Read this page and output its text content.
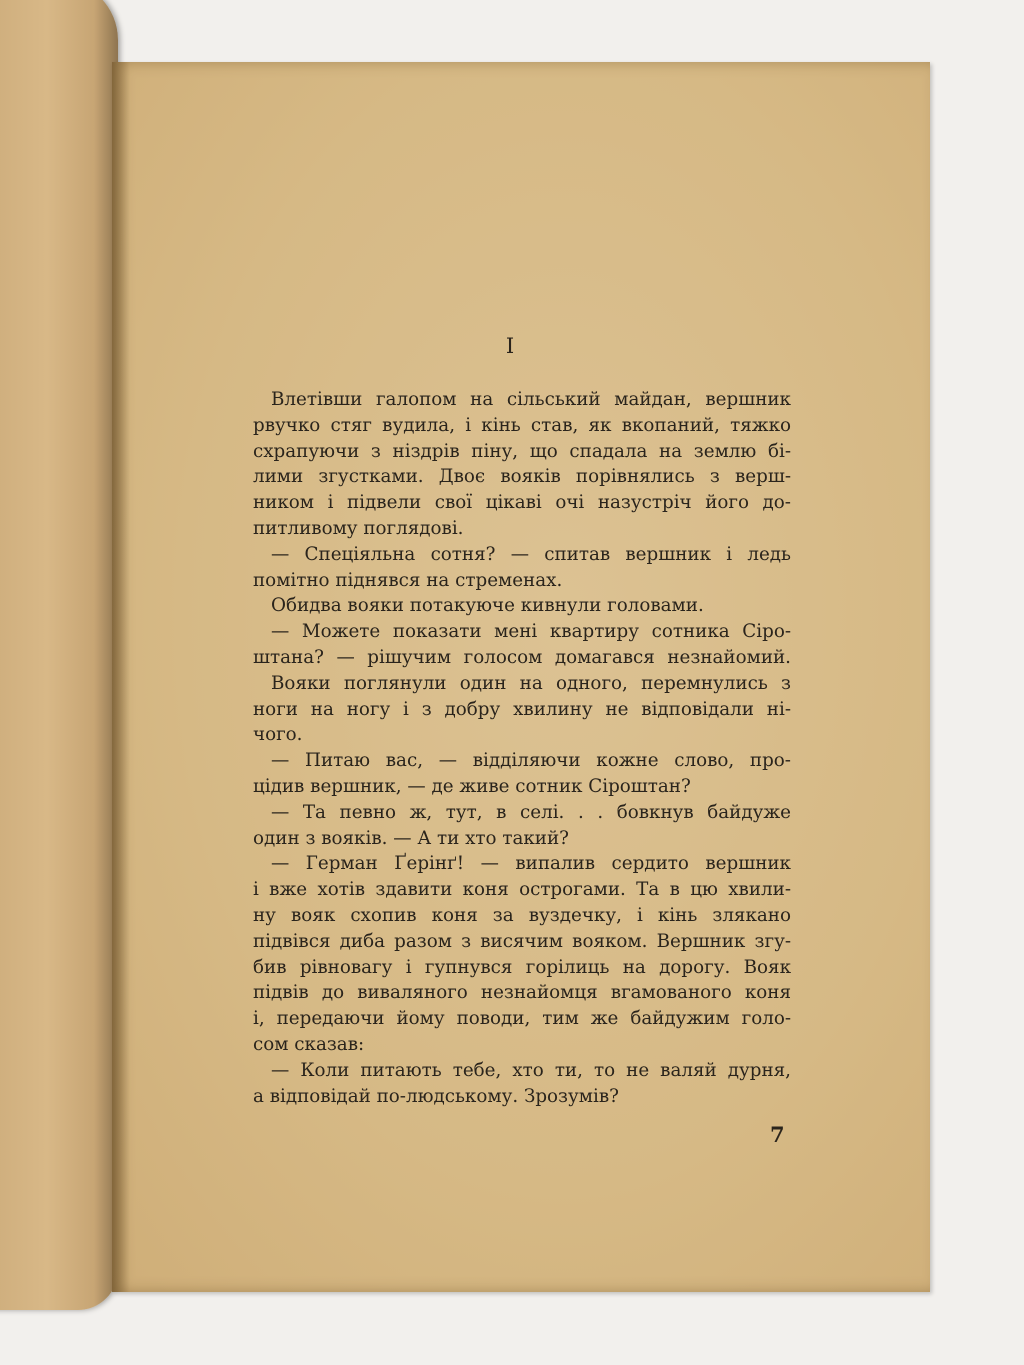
I
Влетівши галопом на сільський майдан, вершник
рвучко стяг вудила, і кінь став, як вкопаний, тяжко
схрапуючи з ніздрів піну, що спадала на землю бі-
лими згустками. Двоє вояків порівнялись з верш-
ником і підвели свої цікаві очі назустріч його до-
питливому поглядові.
— Спеціяльна сотня? — спитав вершник і ледь
помітно піднявся на стременах.
Обидва вояки потакуюче кивнули головами.
— Можете показати мені квартиру сотника Сіро-
штана? — рішучим голосом домагався незнайомий.
Вояки поглянули один на одного, перемнулись з
ноги на ногу і з добру хвилину не відповідали ні-
чого.
— Питаю вас, — відділяючи кожне слово, про-
цідив вершник, — де живе сотник Сіроштан?
— Та певно ж, тут, в селі. . . бовкнув байдуже
один з вояків. — А ти хто такий?
— Герман Ґерінґ! — випалив сердито вершник
і вже хотів здавити коня острогами. Та в цю хвили-
ну вояк схопив коня за вуздечку, і кінь злякано
підвівся диба разом з висячим вояком. Вершник згу-
бив рівновагу і гупнувся горілиць на дорогу. Вояк
підвів до виваляного незнайомця вгамованого коня
і, передаючи йому поводи, тим же байдужим голо-
сом сказав:
— Коли питають тебе, хто ти, то не валяй дурня,
а відповідай по-людському. Зрозумів?
7
